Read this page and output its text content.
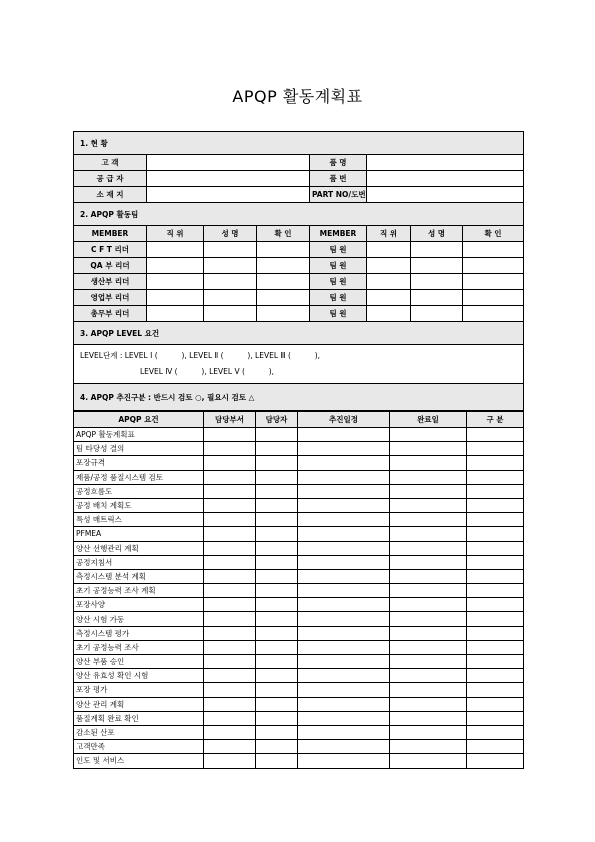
APQP 활동계획표
1. 현 황							
고 객				품 명			
공 급 자				품 번			
소 재 지				PART NO/도번			
2. APQP 활동팀							
MEMBER	직 위	성 명	확 인	MEMBER	직 위	성 명	확 인
C F T 리더				팀 원			
QA 부 리더				팀 원			
생산부 리더				팀 원			
영업부 리더				팀 원			
총무부 리더				팀 원			
3. APQP LEVEL 요건							

LEVEL단계 : LEVEL Ⅰ (          ), LEVEL Ⅱ (          ), LEVEL Ⅲ (          ),
LEVEL Ⅳ (          ), LEVEL Ⅴ (          ),							

4. APQP 추진구분 : 반드시 검토 ○, 필요시 검토 △							
APQP 요건	담당부서	담당자	추진일정	완료일	구 분
APQP 활동계획표					
팀 타당성 결의					
포장규격					
제품/공정 품질시스템 검토					
공정흐름도					
공정 배치 계획도					
특성 매트릭스					
PFMEA					
양산 선행관리 계획					
공정지침서					
측정시스템 분석 계획					
초기 공정능력 조사 계획					
포장사양					
양산 시험 가동					
측정시스템 평가					
초기 공정능력 조사					
양산 부품 승인					
양산 유효성 확인 시험					
포장 평가					
양산 관리 계획					
품질계획 완료 확인					
감소된 산포					
고객만족					
인도 및 서비스					
